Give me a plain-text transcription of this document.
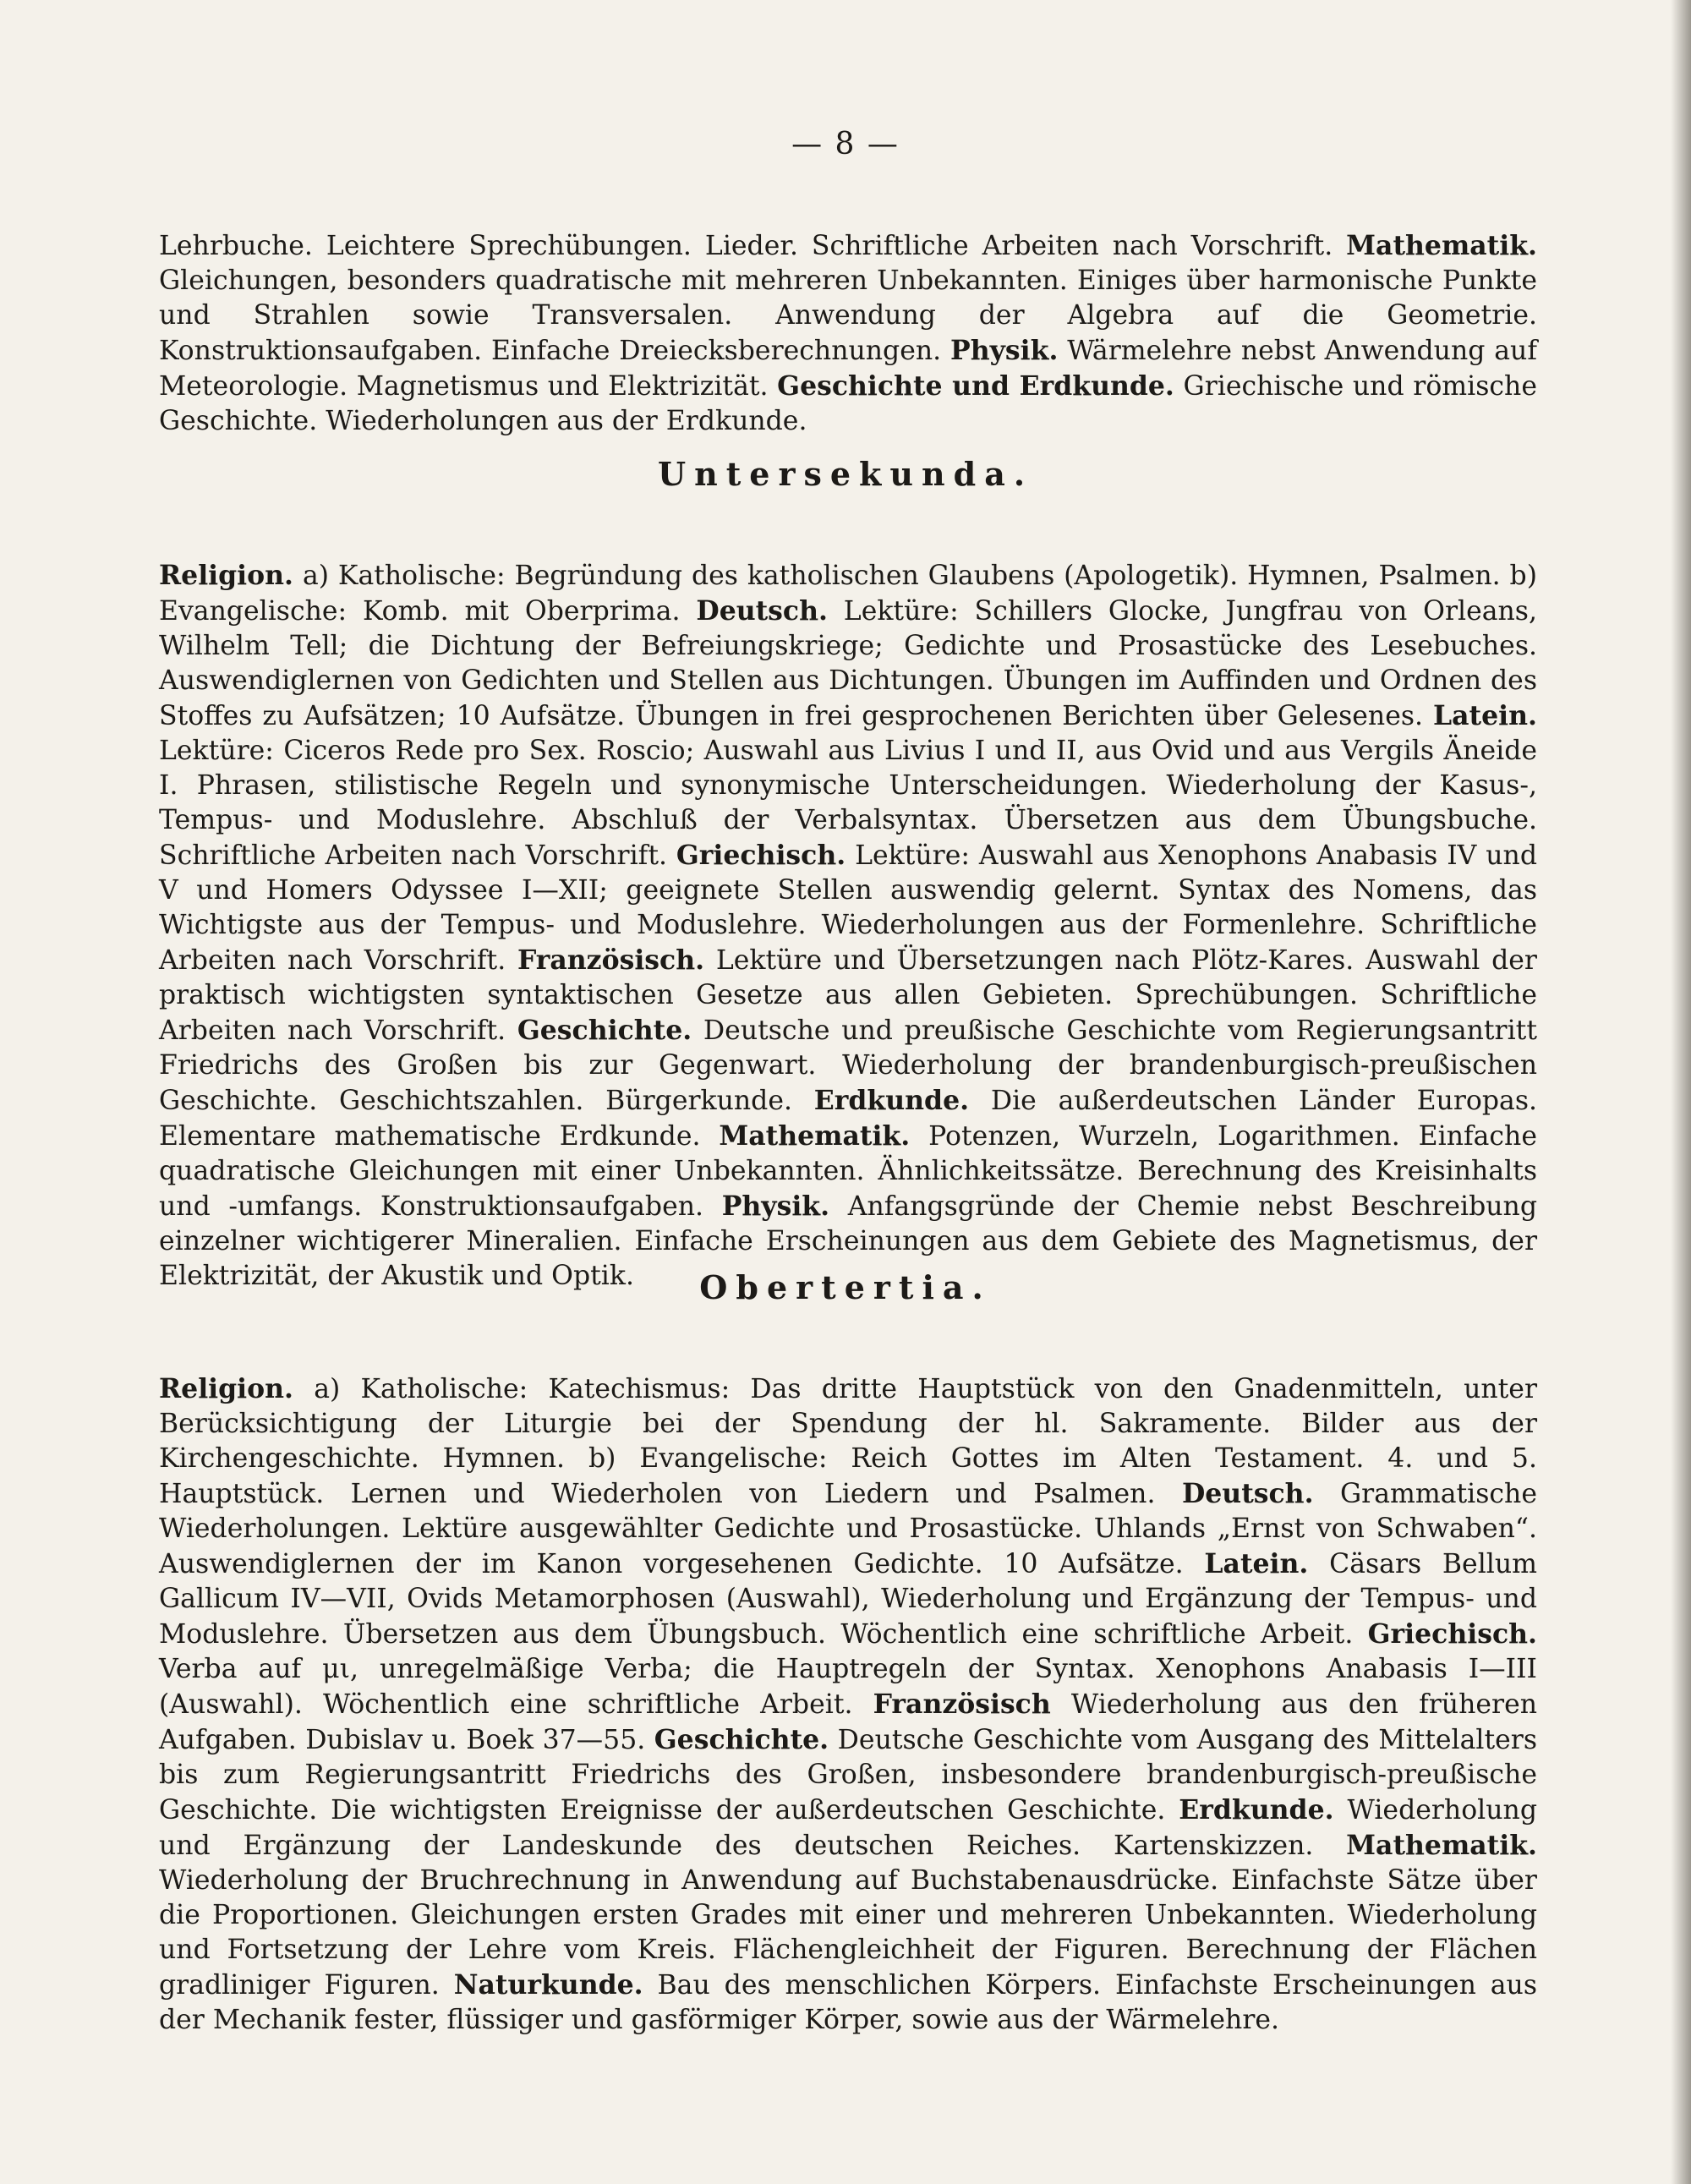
— 8 —

Lehrbuche. Leichtere Sprechübungen. Lieder. Schriftliche Arbeiten nach Vorschrift. Mathematik. Gleichungen, besonders quadratische mit mehreren Unbekannten. Einiges über harmonische Punkte und Strahlen sowie Transversalen. Anwendung der Algebra auf die Geometrie. Konstruktionsaufgaben. Einfache Dreiecksberechnungen. Physik. Wärmelehre nebst Anwendung auf Meteorologie. Magnetismus und Elektrizität. Geschichte und Erdkunde. Griechische und römische Geschichte. Wiederholungen aus der Erdkunde.

Untersekunda.

Religion. a) Katholische: Begründung des katholischen Glaubens (Apologetik). Hymnen, Psalmen. b) Evangelische: Komb. mit Oberprima. Deutsch. Lektüre: Schillers Glocke, Jungfrau von Orleans, Wilhelm Tell; die Dichtung der Befreiungskriege; Gedichte und Prosastücke des Lesebuches. Auswendiglernen von Gedichten und Stellen aus Dichtungen. Übungen im Auffinden und Ordnen des Stoffes zu Aufsätzen; 10 Aufsätze. Übungen in frei gesprochenen Berichten über Gelesenes. Latein. Lektüre: Ciceros Rede pro Sex. Roscio; Auswahl aus Livius I und II, aus Ovid und aus Vergils Äneide I. Phrasen, stilistische Regeln und synonymische Unterscheidungen. Wiederholung der Kasus-, Tempus- und Moduslehre. Abschluß der Verbalsyntax. Übersetzen aus dem Übungsbuche. Schriftliche Arbeiten nach Vorschrift. Griechisch. Lektüre: Auswahl aus Xenophons Anabasis IV und V und Homers Odyssee I—XII; geeignete Stellen auswendig gelernt. Syntax des Nomens, das Wichtigste aus der Tempus- und Moduslehre. Wiederholungen aus der Formenlehre. Schriftliche Arbeiten nach Vorschrift. Französisch. Lektüre und Übersetzungen nach Plötz-Kares. Auswahl der praktisch wichtigsten syntaktischen Gesetze aus allen Gebieten. Sprechübungen. Schriftliche Arbeiten nach Vorschrift. Geschichte. Deutsche und preußische Geschichte vom Regierungsantritt Friedrichs des Großen bis zur Gegenwart. Wiederholung der brandenburgisch-preußischen Geschichte. Geschichtszahlen. Bürgerkunde. Erdkunde. Die außerdeutschen Länder Europas. Elementare mathematische Erdkunde. Mathematik. Potenzen, Wurzeln, Logarithmen. Einfache quadratische Gleichungen mit einer Unbekannten. Ähnlichkeitssätze. Berechnung des Kreisinhalts und -umfangs. Konstruktionsaufgaben. Physik. Anfangsgründe der Chemie nebst Beschreibung einzelner wichtigerer Mineralien. Einfache Erscheinungen aus dem Gebiete des Magnetismus, der Elektrizität, der Akustik und Optik.	Obertertia.

Religion. a) Katholische: Katechismus: Das dritte Hauptstück von den Gnadenmitteln, unter Berücksichtigung der Liturgie bei der Spendung der hl. Sakramente. Bilder aus der Kirchengeschichte. Hymnen. b) Evangelische: Reich Gottes im Alten Testament. 4. und 5. Hauptstück. Lernen und Wiederholen von Liedern und Psalmen. Deutsch. Grammatische Wiederholungen. Lektüre ausgewählter Gedichte und Prosastücke. Uhlands „Ernst von Schwaben“. Auswendiglernen der im Kanon vorgesehenen Gedichte. 10 Aufsätze. Latein. Cäsars Bellum Gallicum IV—VII, Ovids Metamorphosen (Auswahl), Wiederholung und Ergänzung der Tempus- und Moduslehre. Übersetzen aus dem Übungsbuch. Wöchentlich eine schriftliche Arbeit. Griechisch. Verba auf μι, unregelmäßige Verba; die Hauptregeln der Syntax. Xenophons Anabasis I—III (Auswahl). Wöchentlich eine schriftliche Arbeit. Französisch Wiederholung aus den früheren Aufgaben. Dubislav u. Boek 37—55. Geschichte. Deutsche Geschichte vom Ausgang des Mittelalters bis zum Regierungsantritt Friedrichs des Großen, insbesondere brandenburgisch-preußische Geschichte. Die wichtigsten Ereignisse der außerdeutschen Geschichte. Erdkunde. Wiederholung und Ergänzung der Landeskunde des deutschen Reiches. Kartenskizzen. Mathematik. Wiederholung der Bruchrechnung in Anwendung auf Buchstabenausdrücke. Einfachste Sätze über die Proportionen. Gleichungen ersten Grades mit einer und mehreren Unbekannten. Wiederholung und Fortsetzung der Lehre vom Kreis. Flächengleichheit der Figuren. Berechnung der Flächen gradliniger Figuren. Naturkunde. Bau des menschlichen Körpers. Einfachste Erscheinungen aus der Mechanik fester, flüssiger und gasförmiger Körper, sowie aus der Wärmelehre.
